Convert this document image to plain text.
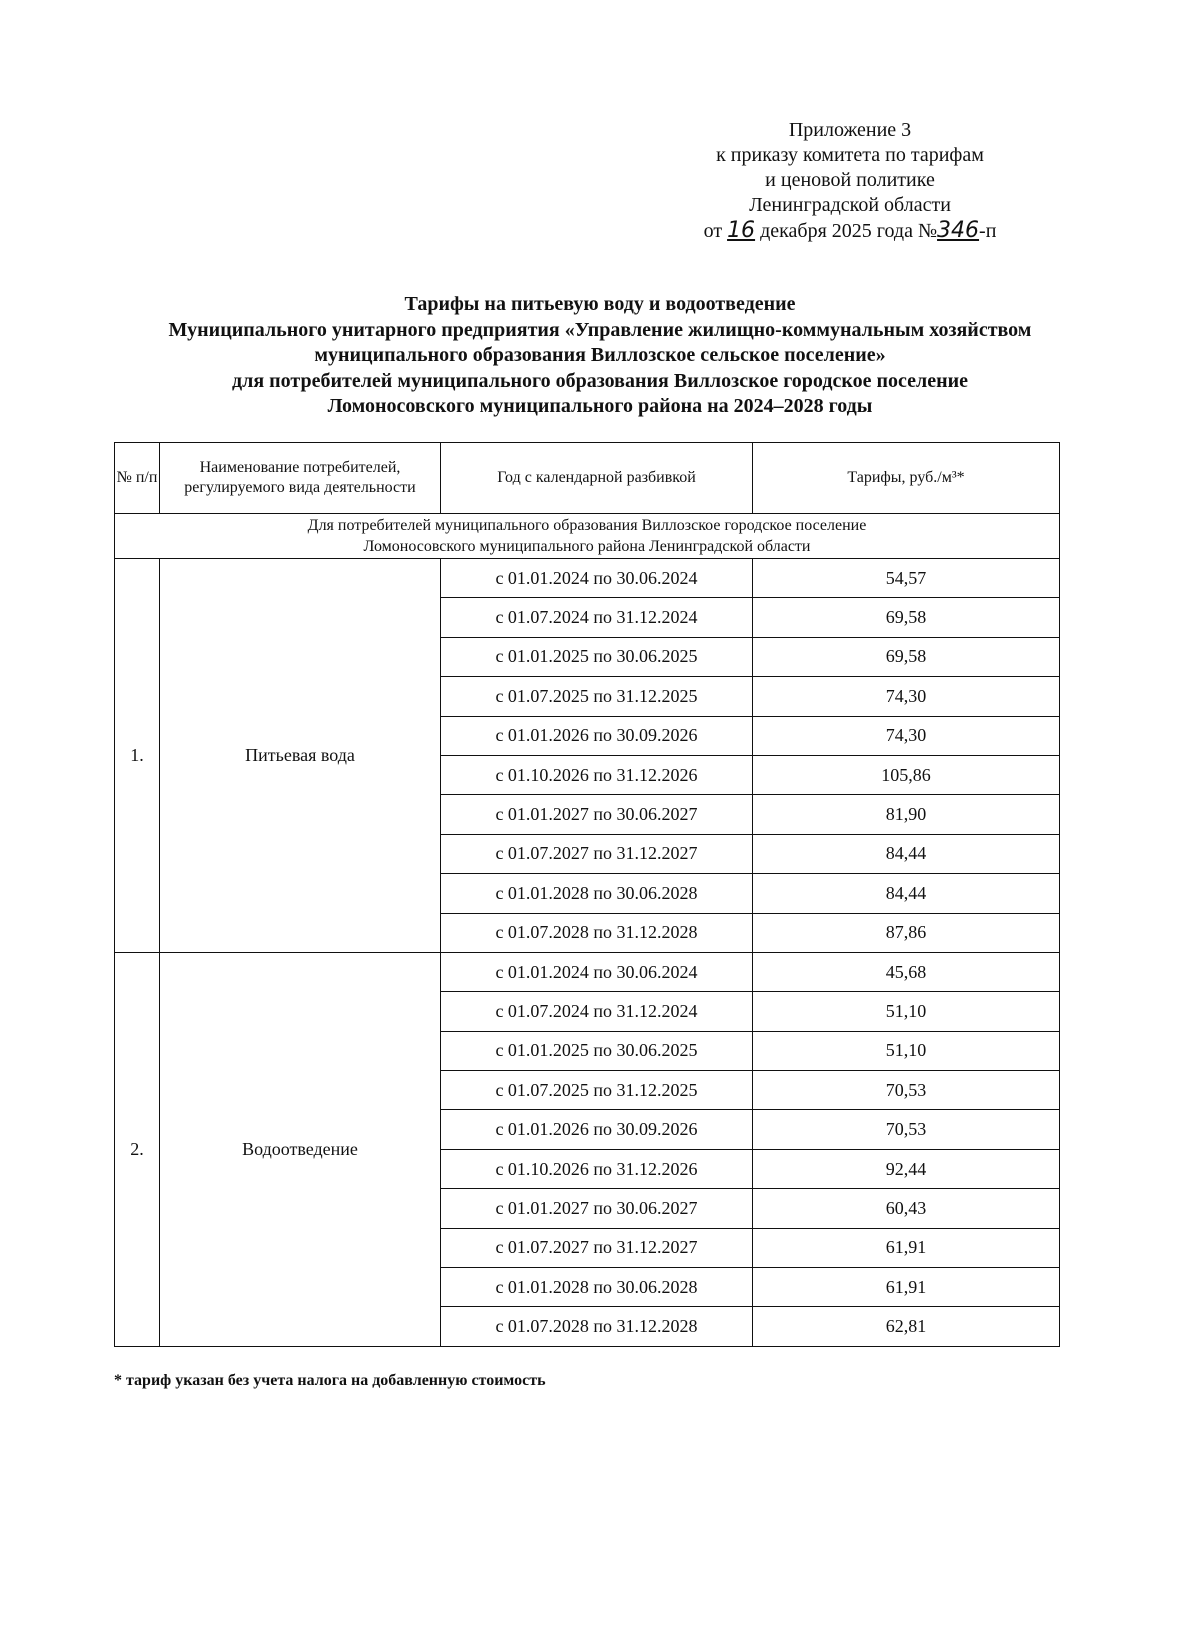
Приложение 3
к приказу комитета по тарифам
и ценовой политике
Ленинградской области
от 16 декабря 2025 года №346-п
Тарифы на питьевую воду и водоотведение
Муниципального унитарного предприятия «Управление жилищно-коммунальным хозяйством
муниципального образования Виллозское сельское поселение»
для потребителей муниципального образования Виллозское городское поселение
Ломоносовского муниципального района на 2024–2028 годы
№ п/п	Наименование потребителей, регулируемого вида деятельности	Год с календарной разбивкой	Тарифы, руб./м³*

Для потребителей муниципального образования Виллозское городское поселение
Ломоносовского муниципального района Ленинградской области			

1.	Питьевая вода	с 01.01.2024 по 30.06.2024	54,57
		с 01.07.2024 по 31.12.2024	69,58
		с 01.01.2025 по 30.06.2025	69,58
		с 01.07.2025 по 31.12.2025	74,30
		с 01.01.2026 по 30.09.2026	74,30
		с 01.10.2026 по 31.12.2026	105,86
		с 01.01.2027 по 30.06.2027	81,90
		с 01.07.2027 по 31.12.2027	84,44
		с 01.01.2028 по 30.06.2028	84,44
		с 01.07.2028 по 31.12.2028	87,86
2.	Водоотведение	с 01.01.2024 по 30.06.2024	45,68
		с 01.07.2024 по 31.12.2024	51,10
		с 01.01.2025 по 30.06.2025	51,10
		с 01.07.2025 по 31.12.2025	70,53
		с 01.01.2026 по 30.09.2026	70,53
		с 01.10.2026 по 31.12.2026	92,44
		с 01.01.2027 по 30.06.2027	60,43
		с 01.07.2027 по 31.12.2027	61,91
		с 01.01.2028 по 30.06.2028	61,91
		с 01.07.2028 по 31.12.2028	62,81
* тариф указан без учета налога на добавленную стоимость
